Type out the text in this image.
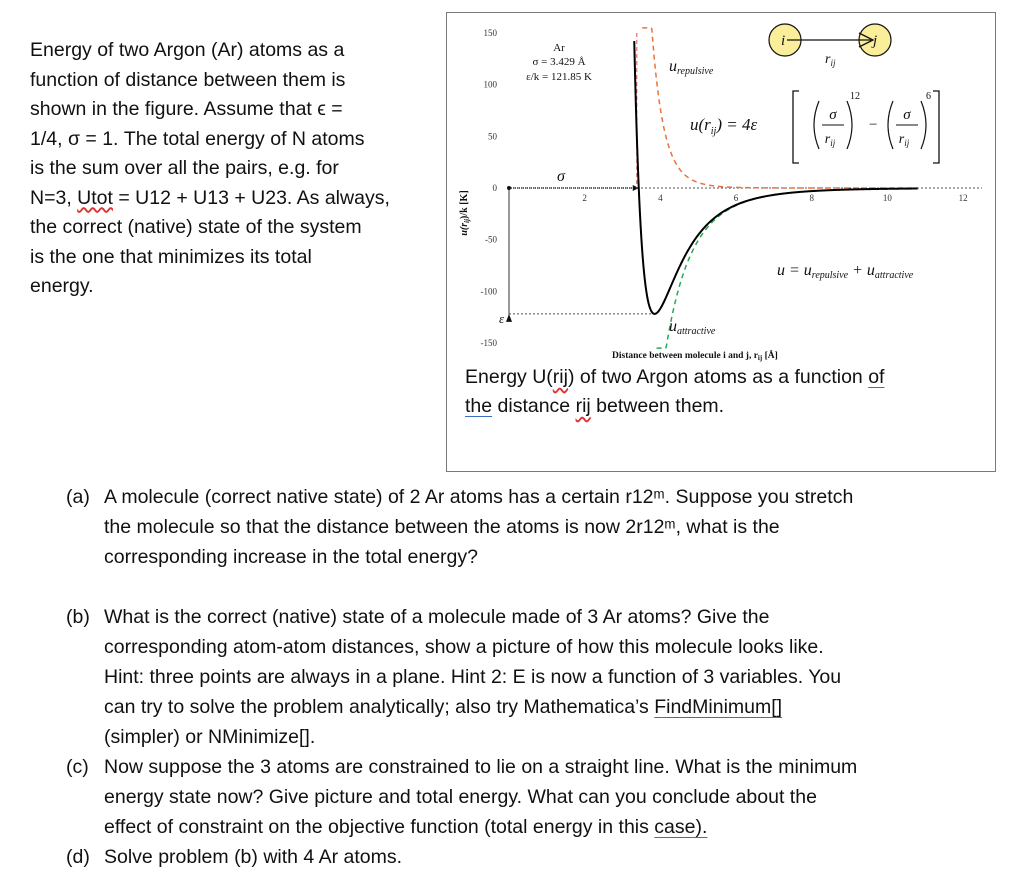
Energy of two Argon (Ar) atoms as a

function of distance between them is

shown in the figure. Assume that ϵ =

1/4, σ = 1. The total energy of N atoms

is the sum over all the pairs, e.g. for

N=3, Utot = U12 + U13 + U23. As always,

the correct (native) state of the system

is the one that minimizes its total

energy.

150
100
50
0
-50
-100
-150
2	4	6	8	10	12
$u(r_{ij})/k$ [K]
Distance between molecule i and j, $r_{ij}$ [Å]
Ar
σ = 3.429 Å
ε/k = 121.85 K
σ
ε
urepulsive
uattractive
$u(r_{ij}) = 4\varepsilon$	σ
$r_{ij}$
12
−
σ
$r_{ij}$
6
u = urepulsive + uattractive
i	j
$r_{ij}$
Energy U(rij) of two Argon atoms as a function of
the distance rij between them.
(a) A molecule (correct native state) of 2 Ar atoms has a certain r12ᵐ. Suppose you stretch
the molecule so that the distance between the atoms is now 2r12ᵐ, what is the
corresponding increase in the total energy?
(b) What is the correct (native) state of a molecule made of 3 Ar atoms? Give the
corresponding atom-atom distances, show a picture of how this molecule looks like.
Hint: three points are always in a plane. Hint 2: E is now a function of 3 variables. You
can try to solve the problem analytically; also try Mathematica’s FindMinimum[]
(simpler) or NMinimize[].
(c) Now suppose the 3 atoms are constrained to lie on a straight line. What is the minimum
energy state now? Give picture and total energy. What can you conclude about the
effect of constraint on the objective function (total energy in this case).
(d) Solve problem (b) with 4 Ar atoms.
